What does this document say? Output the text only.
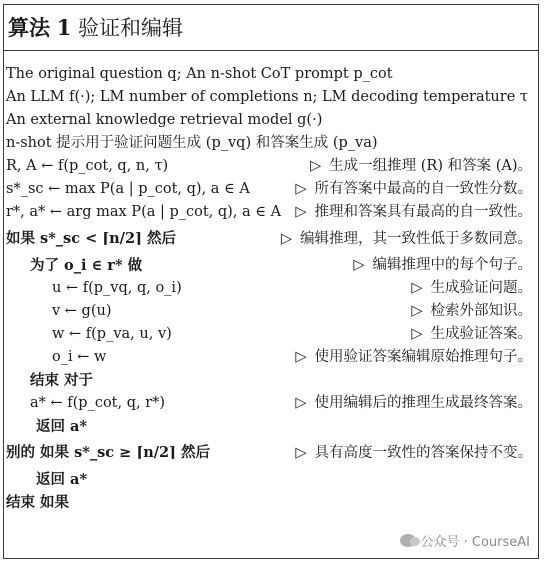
算法 1 验证和编辑
The original question q; An n-shot CoT prompt p_cot
An LLM f(·); LM number of completions n; LM decoding temperature τ
An external knowledge retrieval model g(·)
n-shot 提示用于验证问题生成 (p_vq) 和答案生成 (p_va)
R, A ← f(p_cot, q, n, τ)	▷ 生成一组推理 (R) 和答案 (A)。
s*_sc ← max P(a | p_cot, q), a ∈ A	▷ 所有答案中最高的自一致性分数。
r*, a* ← arg max P(a | p_cot, q), a ∈ A ▷ 推理和答案具有最高的自一致性。
如果 s*_sc < ⌈n/2⌉ 然后	▷ 编辑推理，其一致性低于多数同意。
为了 o_i ∈ r* 做	▷ 编辑推理中的每个句子。
u ← f(p_vq, q, o_i)	▷ 生成验证问题。
v ← g(u)	▷ 检索外部知识。
w ← f(p_va, u, v)	▷ 生成验证答案。
o_i ← w	▷ 使用验证答案编辑原始推理句子。
结束 对于
a* ← f(p_cot, q, r*)	▷ 使用编辑后的推理生成最终答案。
返回 a*
别的 如果 s*_sc ≥ ⌈n/2⌉ 然后	▷ 具有高度一致性的答案保持不变。
返回 a*
结束 如果
公众号 · CourseAI
